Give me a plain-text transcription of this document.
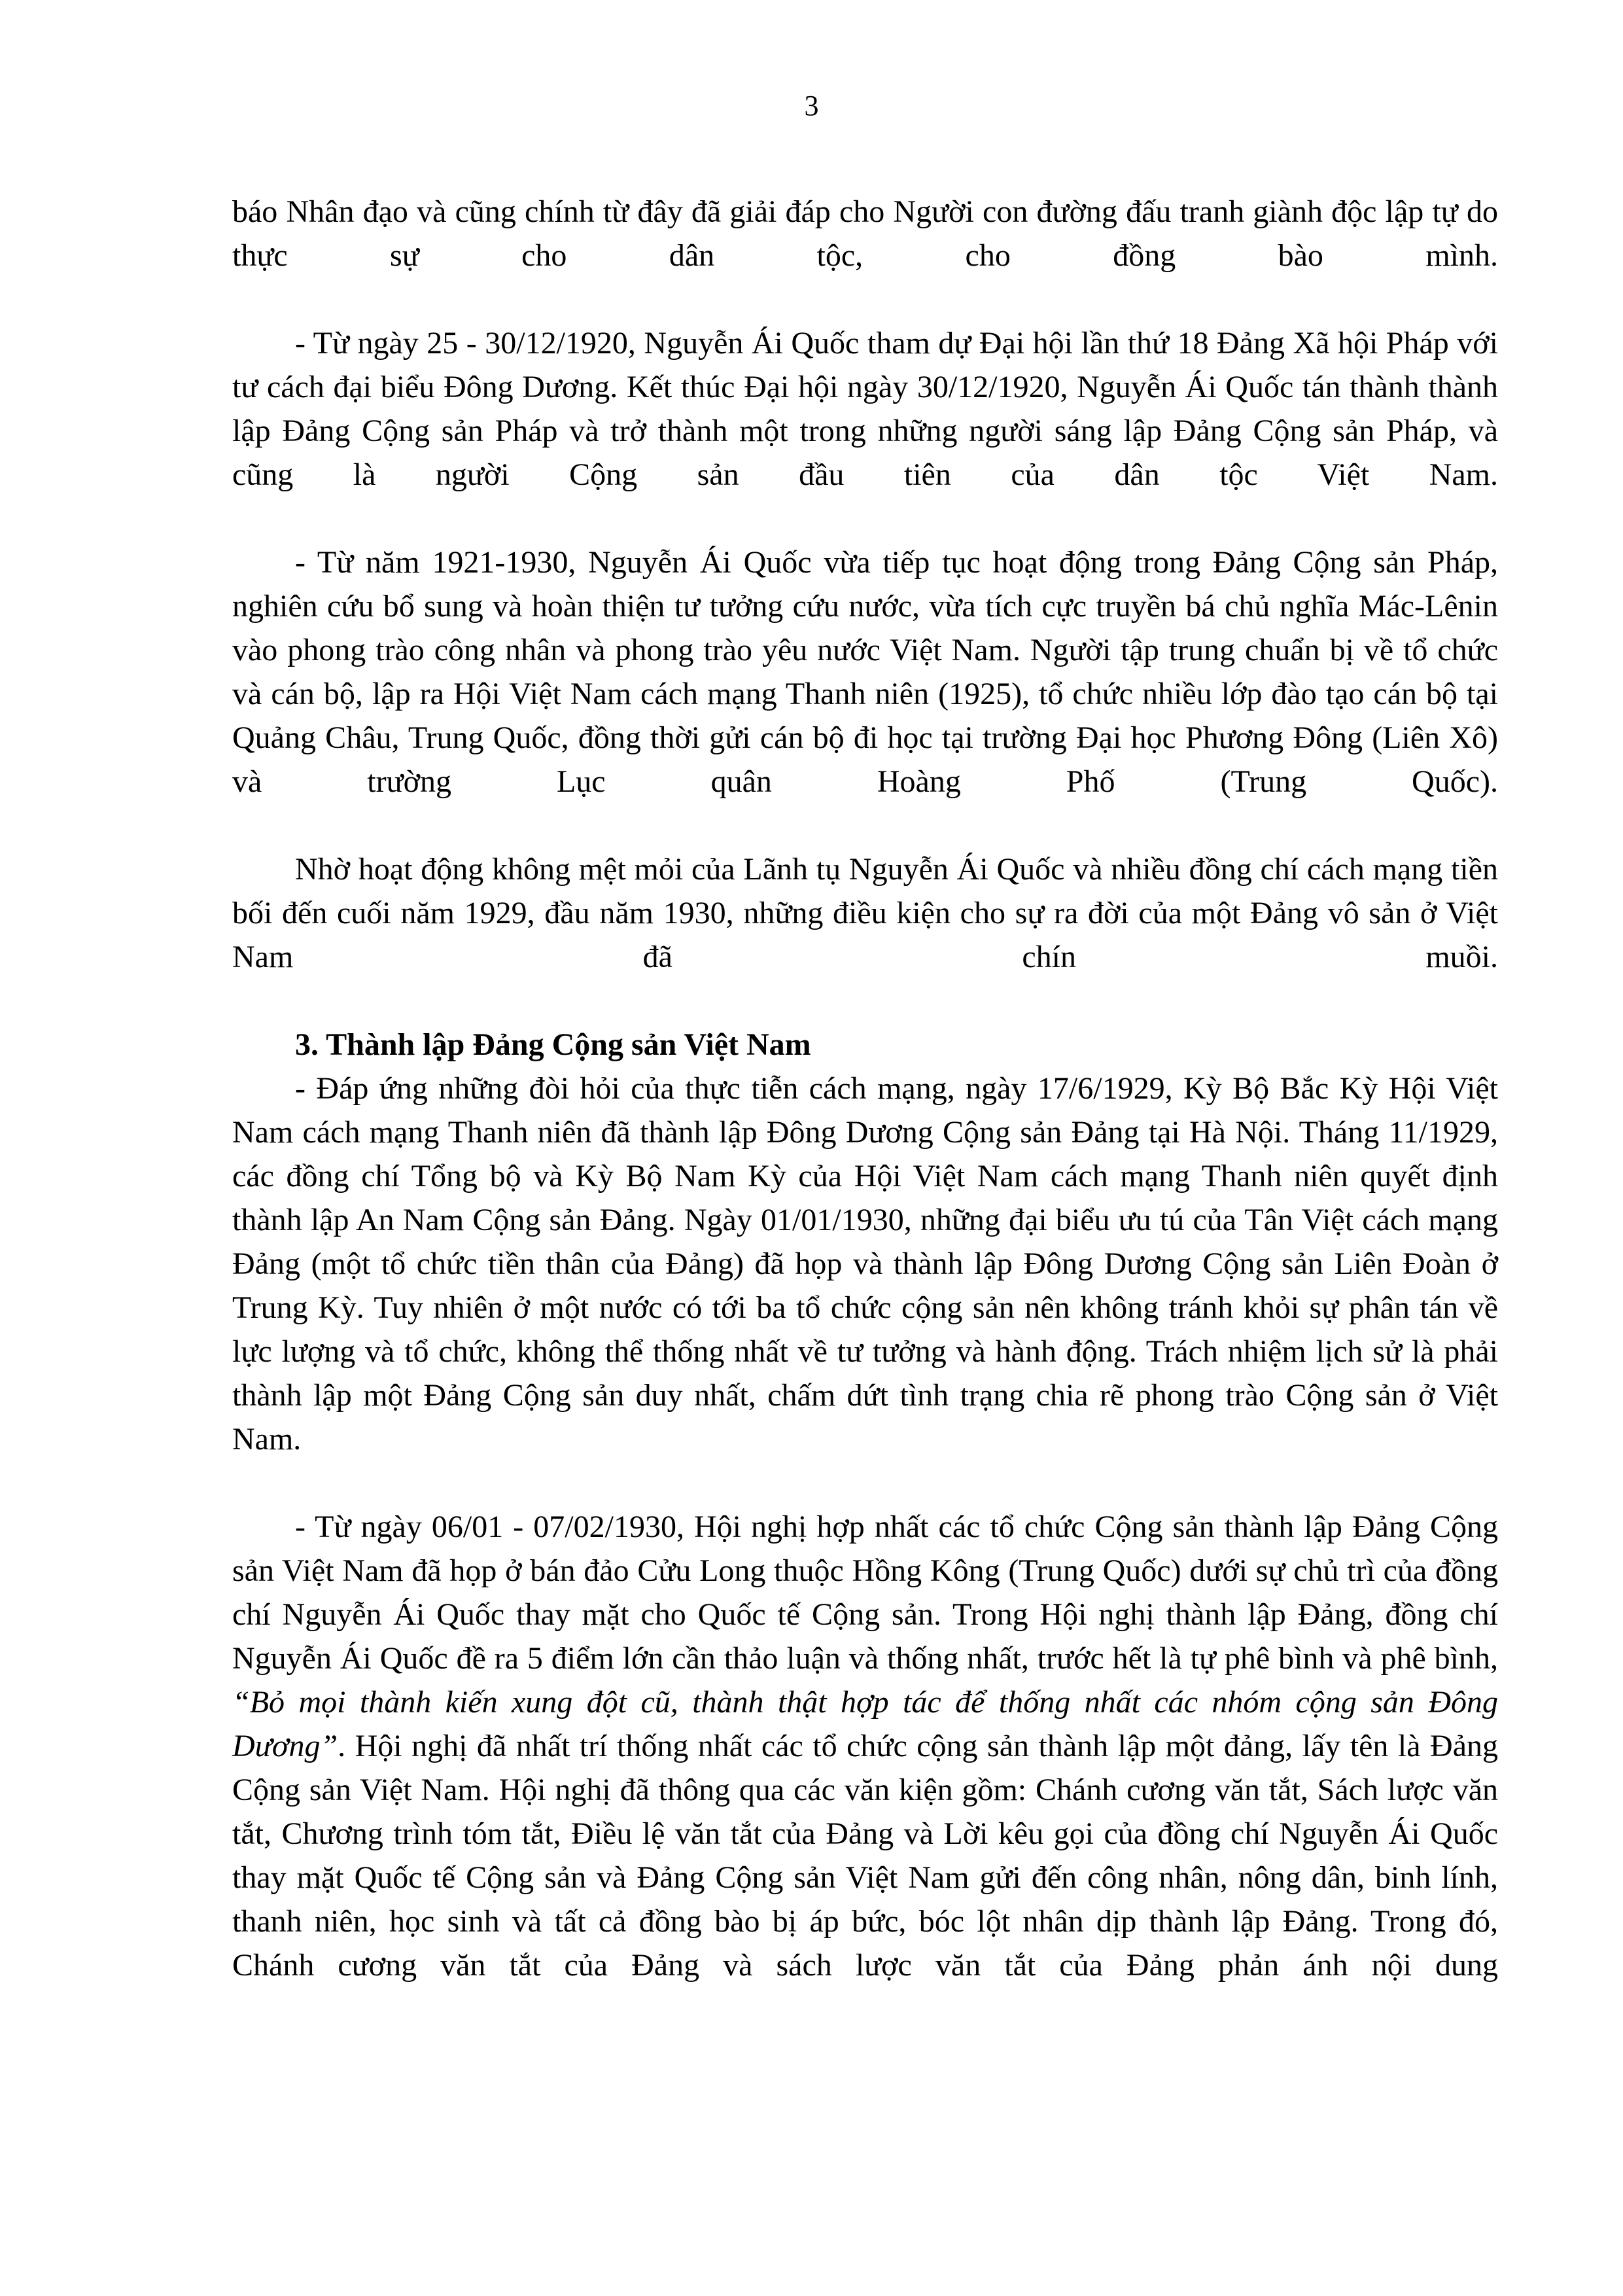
3

báo Nhân đạo và cũng chính từ đây đã giải đáp cho Người con đường đấu tranh giành độc lập tự do thực sự cho dân tộc, cho đồng bào mình.

- Từ ngày 25 - 30/12/1920, Nguyễn Ái Quốc tham dự Đại hội lần thứ 18 Đảng Xã hội Pháp với tư cách đại biểu Đông Dương. Kết thúc Đại hội ngày 30/12/1920, Nguyễn Ái Quốc tán thành thành lập Đảng Cộng sản Pháp và trở thành một trong những người sáng lập Đảng Cộng sản Pháp, và cũng là người Cộng sản đầu tiên của dân tộc Việt Nam.

- Từ năm 1921-1930, Nguyễn Ái Quốc vừa tiếp tục hoạt động trong Đảng Cộng sản Pháp, nghiên cứu bổ sung và hoàn thiện tư tưởng cứu nước, vừa tích cực truyền bá chủ nghĩa Mác-Lênin vào phong trào công nhân và phong trào yêu nước Việt Nam. Người tập trung chuẩn bị về tổ chức và cán bộ, lập ra Hội Việt Nam cách mạng Thanh niên (1925), tổ chức nhiều lớp đào tạo cán bộ tại Quảng Châu, Trung Quốc, đồng thời gửi cán bộ đi học tại trường Đại học Phương Đông (Liên Xô) và trường Lục quân Hoàng Phố (Trung Quốc).

Nhờ hoạt động không mệt mỏi của Lãnh tụ Nguyễn Ái Quốc và nhiều đồng chí cách mạng tiền bối đến cuối năm 1929, đầu năm 1930, những điều kiện cho sự ra đời của một Đảng vô sản ở Việt Nam đã chín muồi.

3. Thành lập Đảng Cộng sản Việt Nam

- Đáp ứng những đòi hỏi của thực tiễn cách mạng, ngày 17/6/1929, Kỳ Bộ Bắc Kỳ Hội Việt Nam cách mạng Thanh niên đã thành lập Đông Dương Cộng sản Đảng tại Hà Nội. Tháng 11/1929, các đồng chí Tổng bộ và Kỳ Bộ Nam Kỳ của Hội Việt Nam cách mạng Thanh niên quyết định thành lập An Nam Cộng sản Đảng. Ngày 01/01/1930, những đại biểu ưu tú của Tân Việt cách mạng Đảng (một tổ chức tiền thân của Đảng) đã họp và thành lập Đông Dương Cộng sản Liên Đoàn ở Trung Kỳ. Tuy nhiên ở một nước có tới ba tổ chức cộng sản nên không tránh khỏi sự phân tán về lực lượng và tổ chức, không thể thống nhất về tư tưởng và hành động. Trách nhiệm lịch sử là phải thành lập một Đảng Cộng sản duy nhất, chấm dứt tình trạng chia rẽ phong trào Cộng sản ở Việt Nam.

- Từ ngày 06/01 - 07/02/1930, Hội nghị hợp nhất các tổ chức Cộng sản thành lập Đảng Cộng sản Việt Nam đã họp ở bán đảo Cửu Long thuộc Hồng Kông (Trung Quốc) dưới sự chủ trì của đồng chí Nguyễn Ái Quốc thay mặt cho Quốc tế Cộng sản. Trong Hội nghị thành lập Đảng, đồng chí Nguyễn Ái Quốc đề ra 5 điểm lớn cần thảo luận và thống nhất, trước hết là tự phê bình và phê bình, “Bỏ mọi thành kiến xung đột cũ, thành thật hợp tác để thống nhất các nhóm cộng sản Đông Dương”. Hội nghị đã nhất trí thống nhất các tổ chức cộng sản thành lập một đảng, lấy tên là Đảng Cộng sản Việt Nam. Hội nghị đã thông qua các văn kiện gồm: Chánh cương văn tắt, Sách lược văn tắt, Chương trình tóm tắt, Điều lệ văn tắt của Đảng và Lời kêu gọi của đồng chí Nguyễn Ái Quốc thay mặt Quốc tế Cộng sản và Đảng Cộng sản Việt Nam gửi đến công nhân, nông dân, binh lính, thanh niên, học sinh và tất cả đồng bào bị áp bức, bóc lột nhân dịp thành lập Đảng. Trong đó, Chánh cương văn tắt của Đảng và sách lược văn tắt của Đảng phản ánh nội dung
